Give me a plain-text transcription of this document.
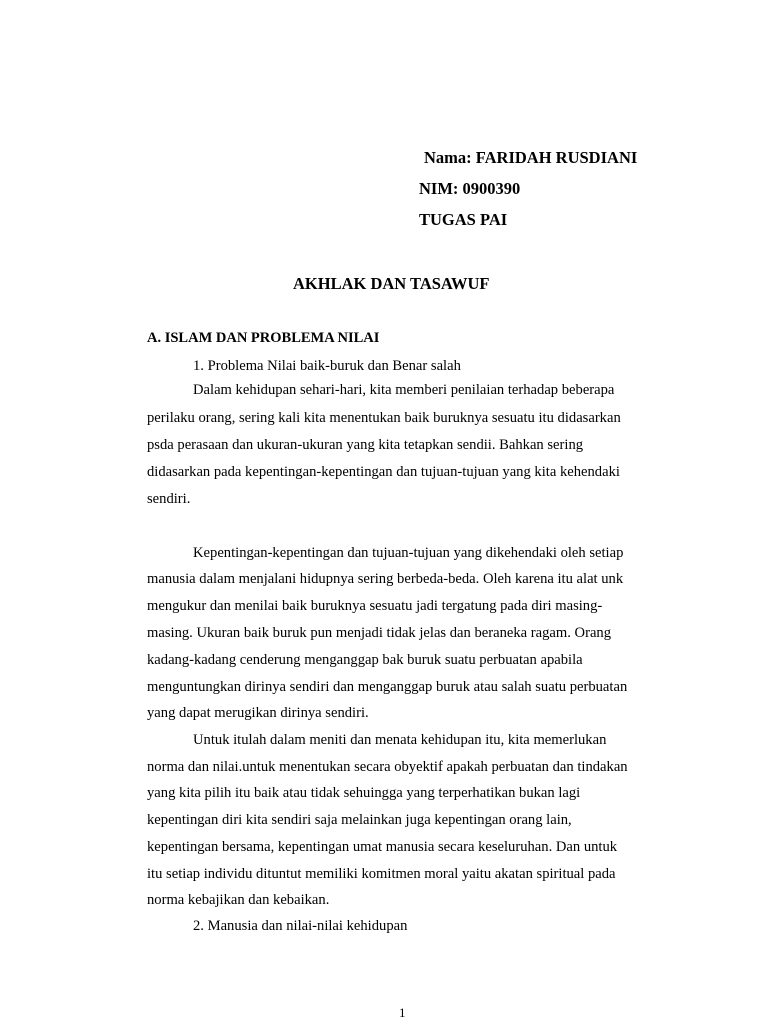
Nama: FARIDAH RUSDIANI
NIM: 0900390
TUGAS PAI
AKHLAK DAN TASAWUF
A. ISLAM DAN PROBLEMA NILAI

1. Problema Nilai baik-buruk dan Benar salah

Dalam kehidupan sehari-hari, kita memberi penilaian terhadap beberapa

perilaku orang, sering kali kita menentukan baik buruknya sesuatu itu didasarkan

psda perasaan dan ukuran-ukuran yang kita tetapkan sendii. Bahkan sering

didasarkan pada kepentingan-kepentingan dan tujuan-tujuan yang kita kehendaki

sendiri.

Kepentingan-kepentingan dan tujuan-tujuan yang dikehendaki oleh setiap

manusia dalam menjalani hidupnya sering berbeda-beda. Oleh karena itu alat unk

mengukur dan menilai baik buruknya sesuatu jadi tergatung pada diri masing-

masing. Ukuran baik buruk pun menjadi tidak jelas dan beraneka ragam. Orang

kadang-kadang cenderung menganggap bak buruk suatu perbuatan apabila

menguntungkan dirinya sendiri dan menganggap buruk atau salah suatu perbuatan

yang dapat merugikan dirinya sendiri.

Untuk itulah dalam meniti dan menata kehidupan itu, kita memerlukan

norma dan nilai.untuk menentukan secara obyektif apakah perbuatan dan tindakan

yang kita pilih itu baik atau tidak sehuingga yang terperhatikan bukan lagi

kepentingan diri kita sendiri saja melainkan juga kepentingan orang lain,

kepentingan bersama, kepentingan umat manusia secara keseluruhan. Dan untuk

itu setiap individu dituntut memiliki komitmen moral yaitu akatan spiritual pada

norma kebajikan dan kebaikan.

2. Manusia dan nilai-nilai kehidupan

1
